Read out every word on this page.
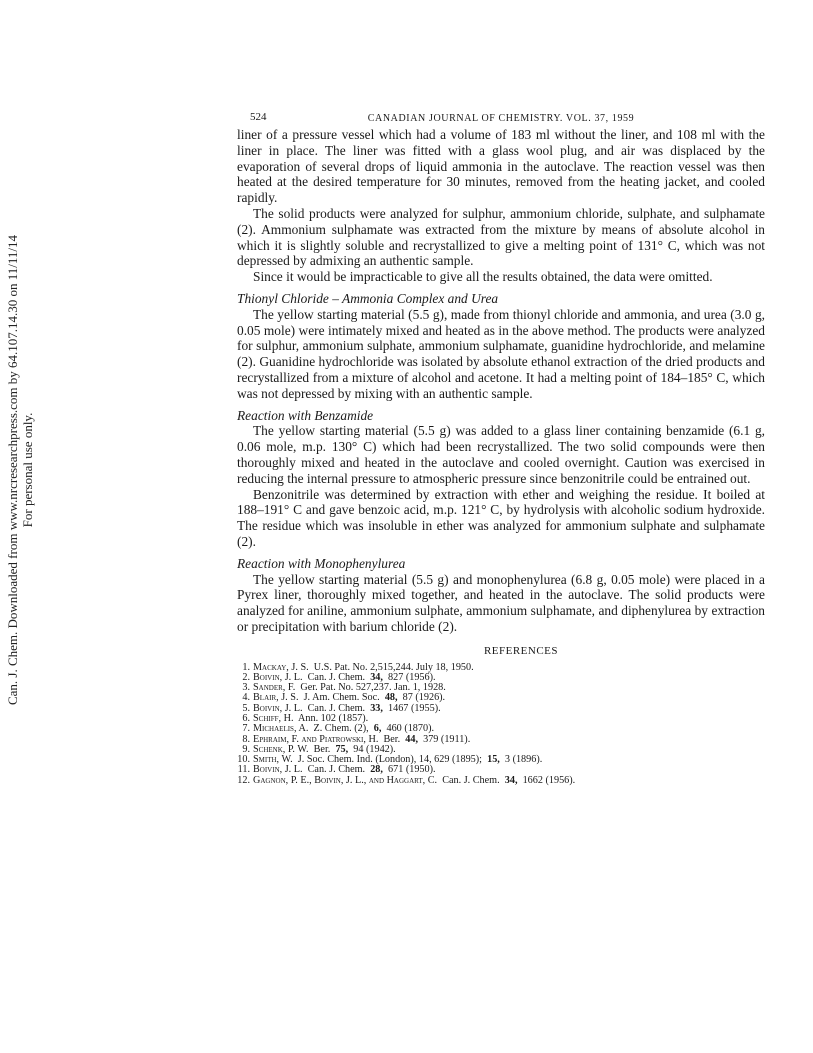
Can. J. Chem. Downloaded from www.nrcresearchpress.com by 64.107.14.30 on 11/11/14 For personal use only.
524	CANADIAN JOURNAL OF CHEMISTRY. VOL. 37, 1959

liner of a pressure vessel which had a volume of 183 ml without the liner, and 108 ml with the liner in place. The liner was fitted with a glass wool plug, and air was displaced by the evaporation of several drops of liquid ammonia in the autoclave. The reaction vessel was then heated at the desired temperature for 30 minutes, removed from the heating jacket, and cooled rapidly.

The solid products were analyzed for sulphur, ammonium chloride, sulphate, and sulphamate (2). Ammonium sulphamate was extracted from the mixture by means of absolute alcohol in which it is slightly soluble and recrystallized to give a melting point of 131° C, which was not depressed by admixing an authentic sample.

Since it would be impracticable to give all the results obtained, the data were omitted.

Thionyl Chloride – Ammonia Complex and Urea

The yellow starting material (5.5 g), made from thionyl chloride and ammonia, and urea (3.0 g, 0.05 mole) were intimately mixed and heated as in the above method. The products were analyzed for sulphur, ammonium sulphate, ammonium sulphamate, guanidine hydrochloride, and melamine (2). Guanidine hydrochloride was isolated by absolute ethanol extraction of the dried products and recrystallized from a mixture of alcohol and acetone. It had a melting point of 184–185° C, which was not depressed by mixing with an authentic sample.

Reaction with Benzamide

The yellow starting material (5.5 g) was added to a glass liner containing benzamide (6.1 g, 0.06 mole, m.p. 130° C) which had been recrystallized. The two solid compounds were then thoroughly mixed and heated in the autoclave and cooled overnight. Caution was exercised in reducing the internal pressure to atmospheric pressure since benzonitrile could be entrained out.

Benzonitrile was determined by extraction with ether and weighing the residue. It boiled at 188–191° C and gave benzoic acid, m.p. 121° C, by hydrolysis with alcoholic sodium hydroxide. The residue which was insoluble in ether was analyzed for ammonium sulphate and sulphamate (2).

Reaction with Monophenylurea

The yellow starting material (5.5 g) and monophenylurea (6.8 g, 0.05 mole) were placed in a Pyrex liner, thoroughly mixed together, and heated in the autoclave. The solid products were analyzed for aniline, ammonium sulphate, ammonium sulphamate, and diphenylurea by extraction or precipitation with barium chloride (2).

REFERENCES
1. Mackay, J. S. U.S. Pat. No. 2,515,244. July 18, 1950.
2. Boivin, J. L. Can. J. Chem. 34, 827 (1956).
3. Sander, F. Ger. Pat. No. 527,237. Jan. 1, 1928.
4. Blair, J. S. J. Am. Chem. Soc. 48, 87 (1926).
5. Boivin, J. L. Can. J. Chem. 33, 1467 (1955).
6. Schiff, H. Ann. 102 (1857).
7. Michaelis, A. Z. Chem. (2), 6, 460 (1870).
8. Ephraim, F. and Piatrowski, H. Ber. 44, 379 (1911).
9. Schenk, P. W. Ber. 75, 94 (1942).
10. Smith, W. J. Soc. Chem. Ind. (London), 14, 629 (1895); 15, 3 (1896).
11. Boivin, J. L. Can. J. Chem. 28, 671 (1950).
12. Gagnon, P. E., Boivin, J. L., and Haggart, C. Can. J. Chem. 34, 1662 (1956).
